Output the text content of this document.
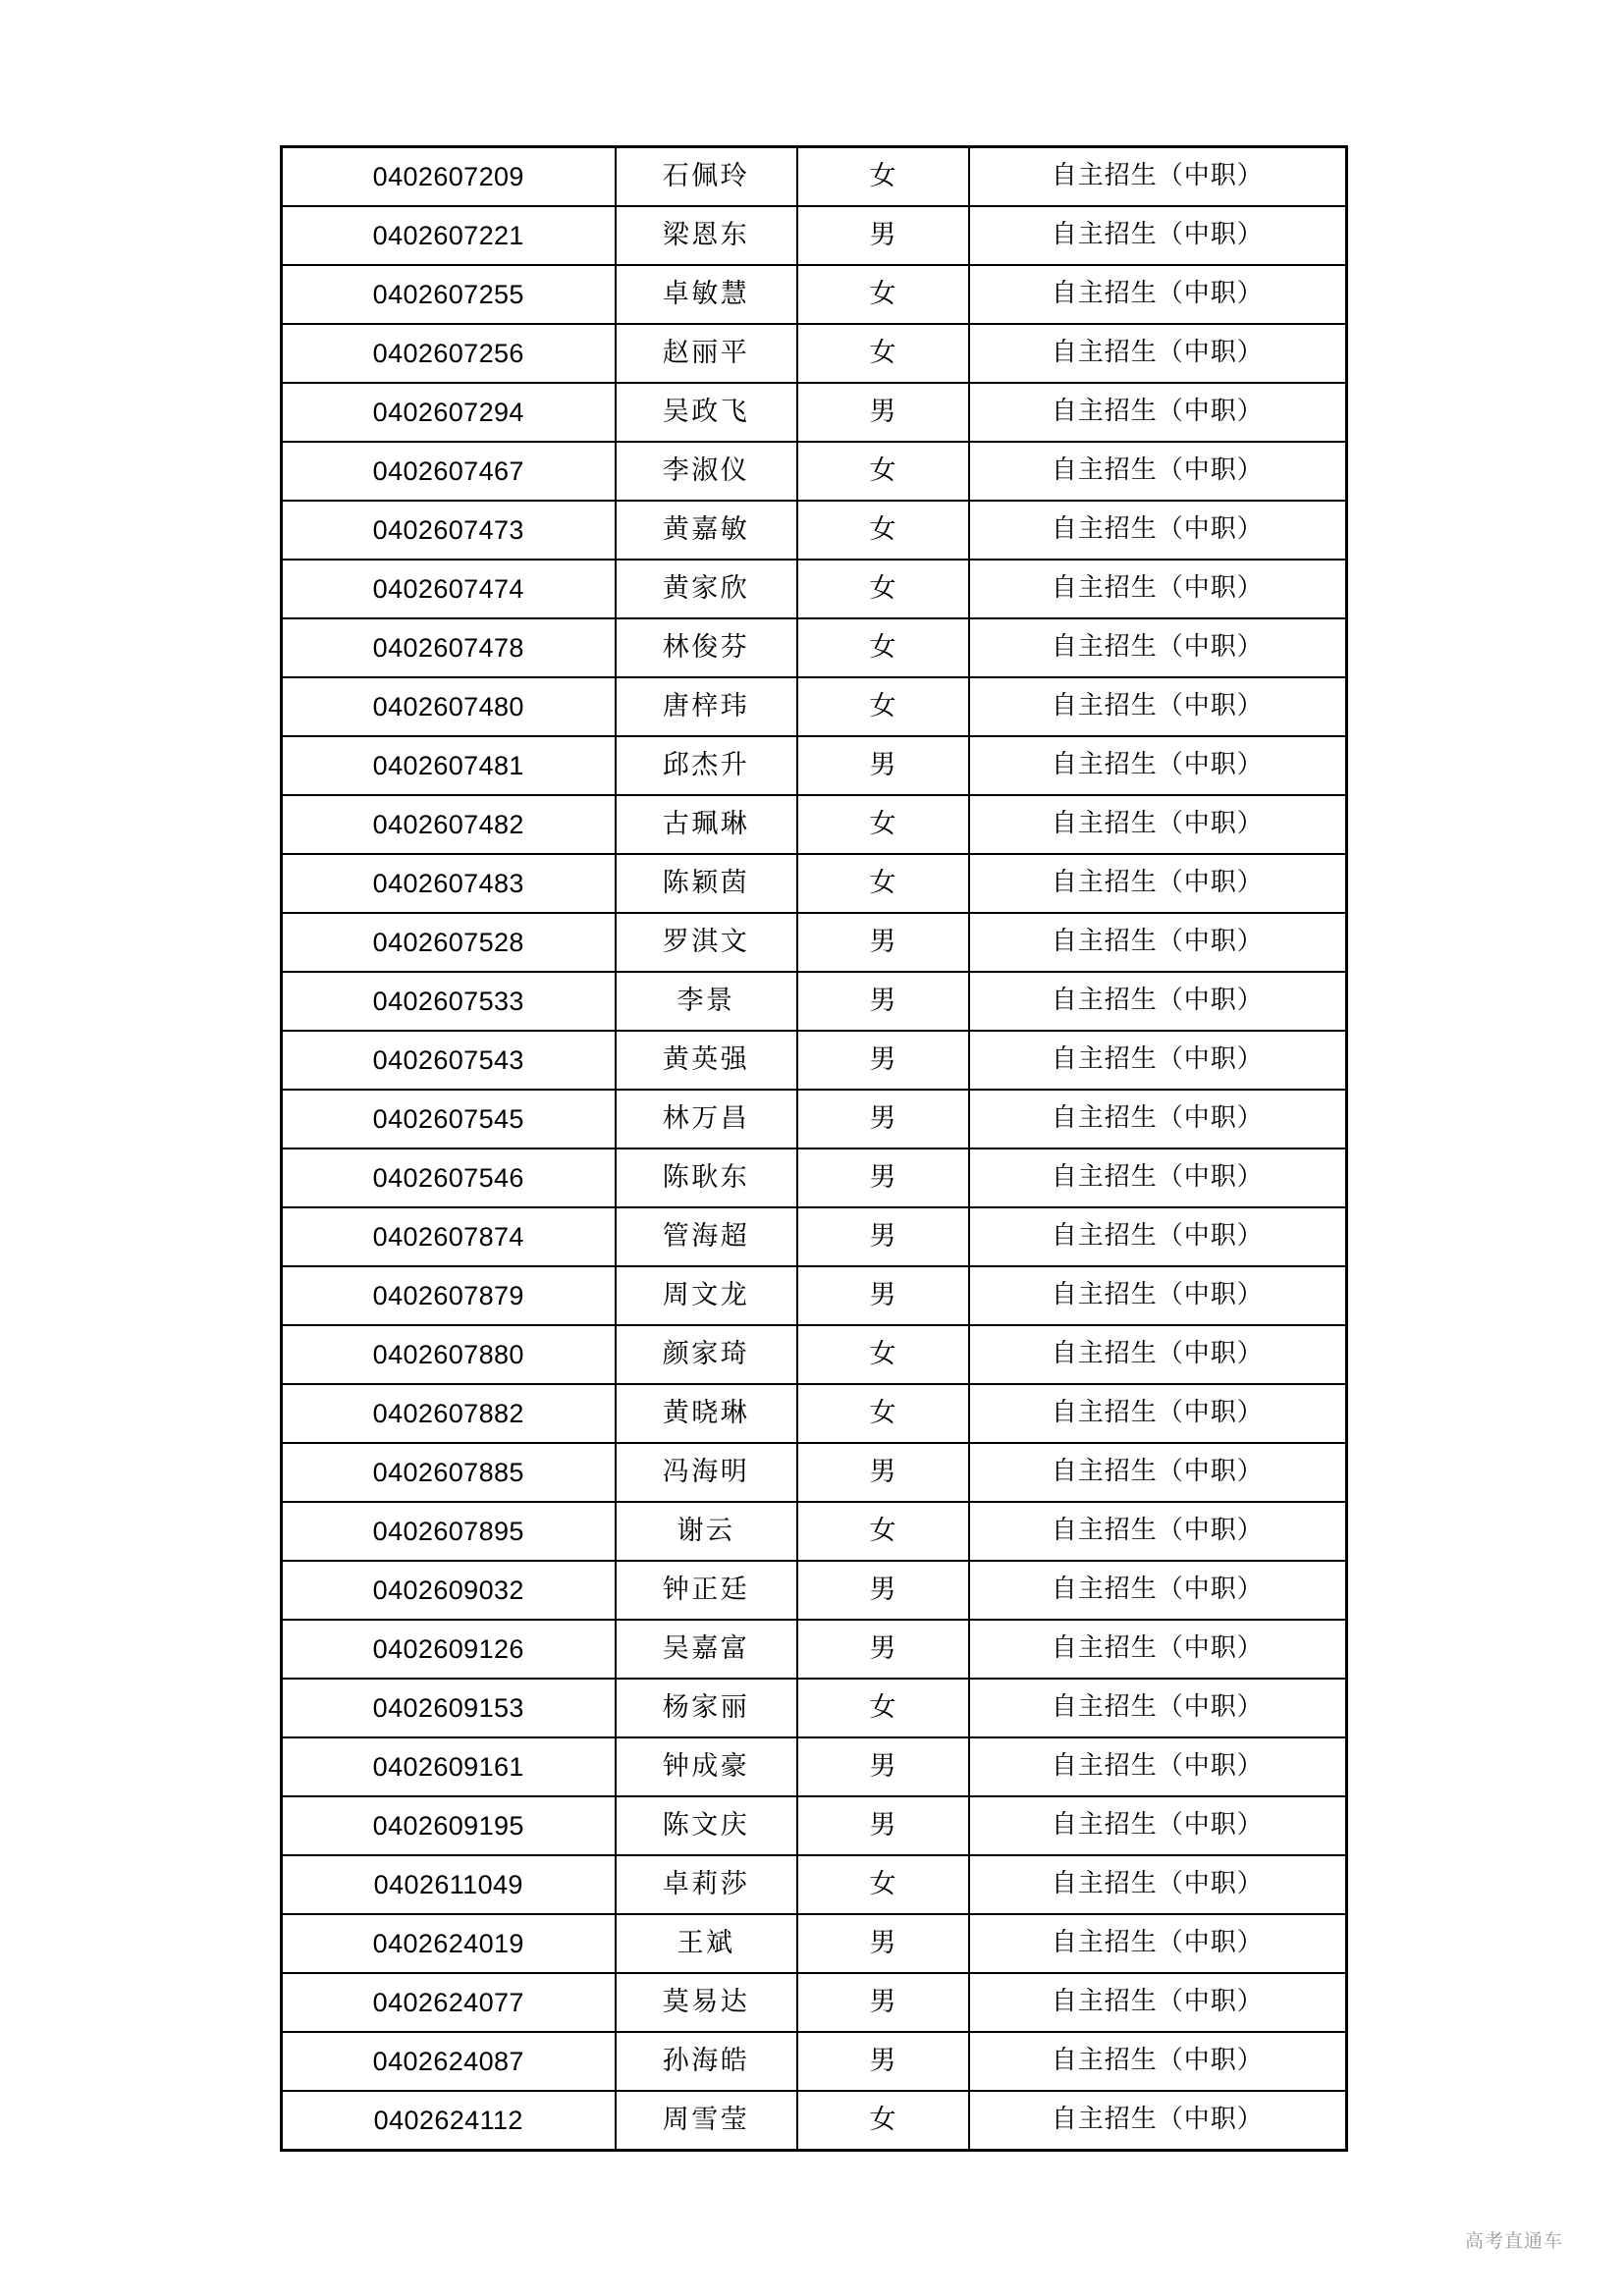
0402607209	石佩玲	女	自主招生（中职）
0402607221	梁恩东	男	自主招生（中职）
0402607255	卓敏慧	女	自主招生（中职）
0402607256	赵丽平	女	自主招生（中职）
0402607294	吴政飞	男	自主招生（中职）
0402607467	李淑仪	女	自主招生（中职）
0402607473	黄嘉敏	女	自主招生（中职）
0402607474	黄家欣	女	自主招生（中职）
0402607478	林俊芬	女	自主招生（中职）
0402607480	唐梓玮	女	自主招生（中职）
0402607481	邱杰升	男	自主招生（中职）
0402607482	古珮琳	女	自主招生（中职）
0402607483	陈颖茵	女	自主招生（中职）
0402607528	罗淇文	男	自主招生（中职）
0402607533	李景	男	自主招生（中职）
0402607543	黄英强	男	自主招生（中职）
0402607545	林万昌	男	自主招生（中职）
0402607546	陈耿东	男	自主招生（中职）
0402607874	管海超	男	自主招生（中职）
0402607879	周文龙	男	自主招生（中职）
0402607880	颜家琦	女	自主招生（中职）
0402607882	黄晓琳	女	自主招生（中职）
0402607885	冯海明	男	自主招生（中职）
0402607895	谢云	女	自主招生（中职）
0402609032	钟正廷	男	自主招生（中职）
0402609126	吴嘉富	男	自主招生（中职）
0402609153	杨家丽	女	自主招生（中职）
0402609161	钟成豪	男	自主招生（中职）
0402609195	陈文庆	男	自主招生（中职）
0402611049	卓莉莎	女	自主招生（中职）
0402624019	王斌	男	自主招生（中职）
0402624077	莫易达	男	自主招生（中职）
0402624087	孙海皓	男	自主招生（中职）
0402624112	周雪莹	女	自主招生（中职）
高考直通车
